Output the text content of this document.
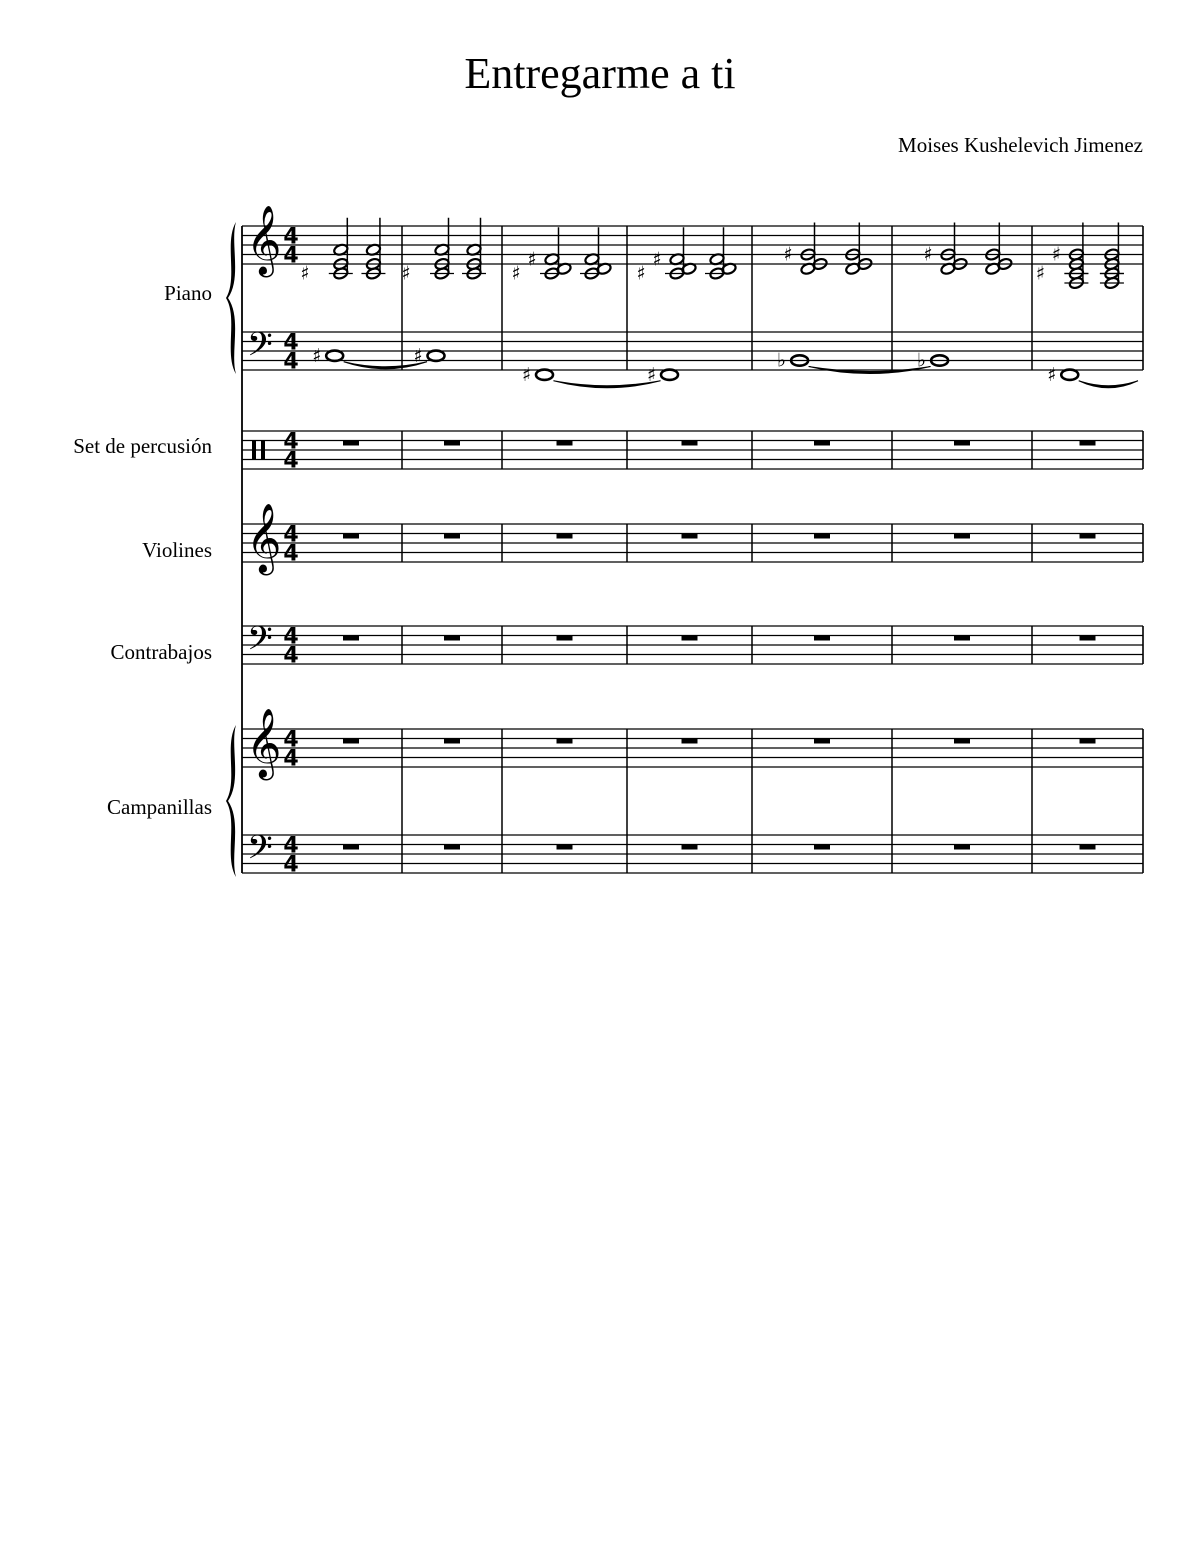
Entregarme a ti
Moises Kushelevich Jimenez
Piano
Set de percusión
Violines
Contrabajos
Campanillas
𝄞
𝄢
𝄞
𝄢
𝄞
𝄢
4
4
4
4
4
4
4
4
4
4
4
4
4
4
♯	♯	♯
♯
♯
♯	♯	♯
♯
♯
♯	♯
♯	♯
♭	♭
♯
